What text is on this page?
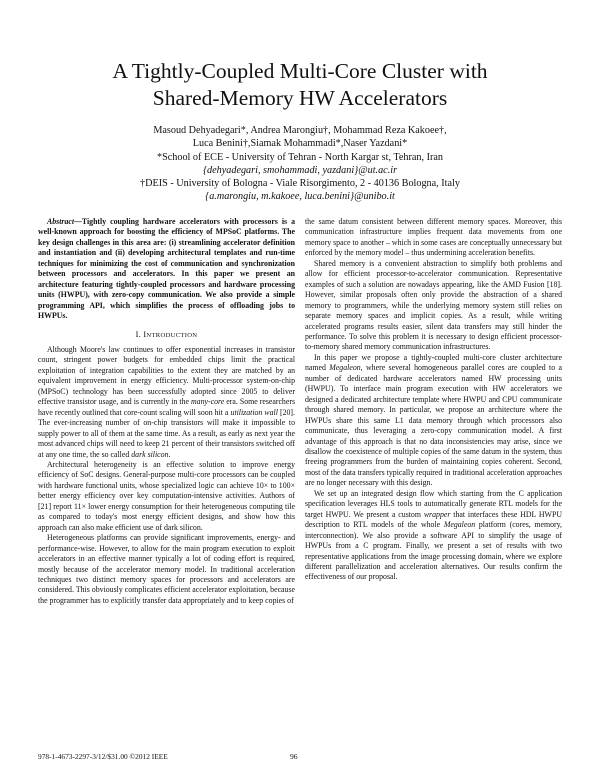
A Tightly-Coupled Multi-Core Cluster with
Shared-Memory HW Accelerators
Masoud Dehyadegari*, Andrea Marongiu†, Mohammad Reza Kakoee†,
Luca Benini†,Siamak Mohammadi*,Naser Yazdani*
*School of ECE - University of Tehran - North Kargar st, Tehran, Iran
{dehyadegari, smohammadi, yazdani}@ut.ac.ir
†DEIS - University of Bologna - Viale Risorgimento, 2 - 40136 Bologna, Italy
{a.marongiu, m.kakoee, luca.benini}@unibo.it

Abstract—Tightly coupling hardware accelerators with processors is a well-known approach for boosting the efficiency of MPSoC platforms. The key design challenges in this area are: (i) streamlining accelerator definition and instantiation and (ii) developing architectural templates and run-time techniques for minimizing the cost of communication and synchronization between processors and accelerators. In this paper we present an architecture featuring tightly-coupled processors and hardware processing units (HWPU), with zero-copy communication. We also provide a simple programming API, which simplifies the process of offloading jobs to HWPUs.

I. INTRODUCTION

Although Moore's law continues to offer exponential increases in transistor count, stringent power budgets for embedded chips limit the practical exploitation of integration capabilities to the extent they are matched by an equivalent improvement in energy efficiency. Multi-processor system-on-chip (MPSoC) technology has been successfully adopted since 2005 to deliver effective transistor usage, and is currently in the many-core era. Some researchers have recently outlined that core-count scaling will soon hit a utilization wall [20]. The ever-increasing number of on-chip transistors will make it impossible to supply power to all of them at the same time. As a result, as early as next year the most advanced chips will need to keep 21 percent of their transistors switched off at any one time, the so called dark silicon.

Architectural heterogeneity is an effective solution to improve energy efficiency of SoC designs. General-purpose multi-core processors can be coupled with hardware functional units, whose specialized logic can achieve 10× to 100× better energy efficiency over key computation-intensive activities. Authors of [21] report 11× lower energy consumption for their heterogeneous computing tile as compared to today's most energy efficient designs, and show how this approach can also make efficient use of dark silicon.

Heterogeneous platforms can provide significant improvements, energy- and performance-wise. However, to allow for the main program execution to exploit accelerators in an effective manner typically a lot of coding effort is required, mostly because of the accelerator memory model. In traditional acceleration techniques two distinct memory spaces for processors and accelerators are considered. This obviously complicates efficient accelerator exploitation, because the programmer has to explicitly transfer data appropriately and to keep copies of

the same datum consistent between different memory spaces. Moreover, this communication infrastructure implies frequent data movements from one memory space to another – which in some cases are conceptually unnecessary but enforced by the memory model – thus undermining acceleration benefits.

Shared memory is a convenient abstraction to simplify both problems and allow for efficient processor-to-accelerator communication. Representative examples of such a solution are nowadays appearing, like the AMD Fusion [18]. However, similar proposals often only provide the abstraction of a shared memory to programmers, while the underlying memory system still relies on separate memory spaces and implicit copies. As a result, while writing accelerated programs results easier, silent data transfers may still hinder the performance. To solve this problem it is necessary to design efficient processor-to-memory shared memory communication infrastructures.

In this paper we propose a tightly-coupled multi-core cluster architecture named Megaleon, where several homogeneous parallel cores are coupled to a number of dedicated hardware accelerators named HW processing units (HWPU). To interface main program execution with HW accelerators we designed a dedicated architecture template where HWPU and CPU communicate through shared memory. In particular, we propose an architecture where the HWPUs share this same L1 data memory through which processors also communicate, thus leveraging a zero-copy communication model. A first advantage of this approach is that no data inconsistencies may arise, since we disallow the coexistence of multiple copies of the same datum in the system, thus freeing programmers from the burden of maintaining copies coherent. Second, most of the data transfers typically required in traditional acceleration approaches are no longer necessary with this design.

We set up an integrated design flow which starting from the C application specification leverages HLS tools to automatically generate RTL models for the target HWPU. We present a custom wrapper that interfaces these HDL HWPU description to RTL models of the whole Megaleon platform (cores, memory, interconnection). We also provide a software API to simplify the usage of HWPUs from a C program. Finally, we present a set of results with two representative applications from the image processing domain, where we explore different parallelization and acceleration alternatives. Our results confirm the effectiveness of our proposal.

978-1-4673-2297-3/12/$31.00 ©2012 IEEE	96
